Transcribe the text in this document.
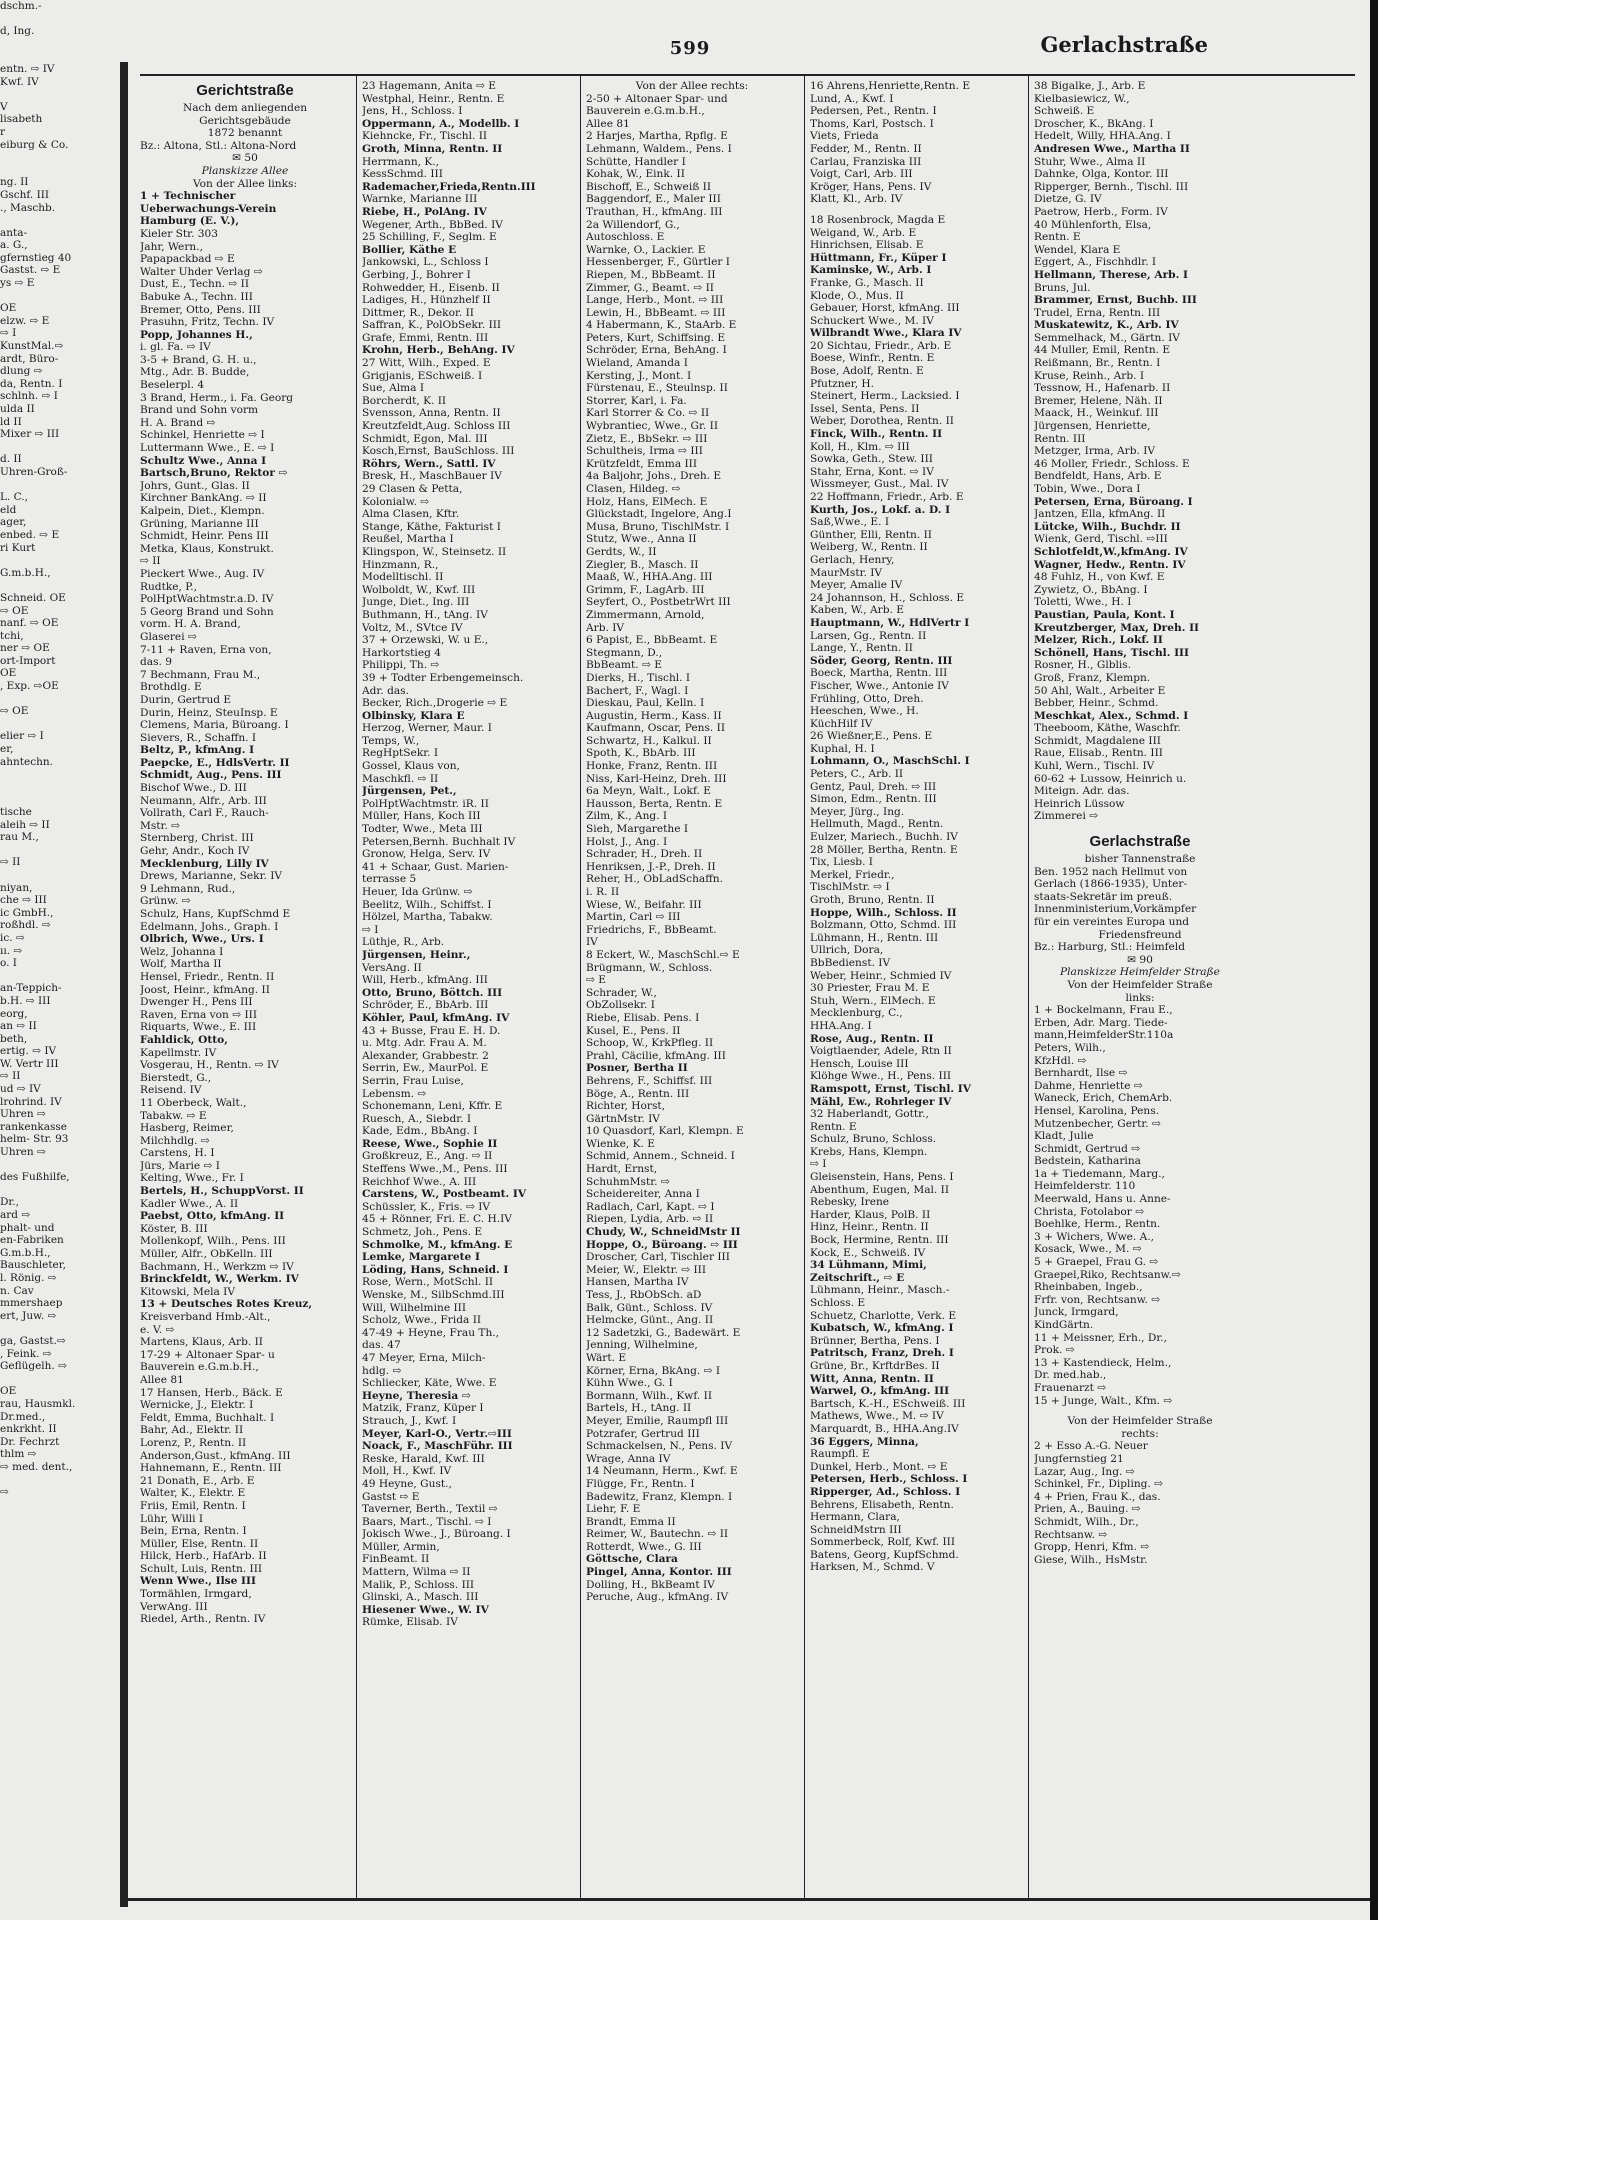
dschm.-
d, Ing.
entn. ⇨ IV
Kwf. IV
V
lisabeth
r
eiburg & Co.
ng. II
Gschf. III
., Maschb.
anta-
a. G.,
gfernstieg 40
Gastst. ⇨ E
ys ⇨ E
OE
elzw. ⇨ E
⇨ I
KunstMal.⇨
ardt, Büro-
dlung ⇨
da, Rentn. I
schlnh. ⇨ I
ulda II
ld II
Mixer ⇨ III
d. II
Uhren-Groß-
L. C.,
eld
ager,
enbed. ⇨ E
ri Kurt
G.m.b.H.,
Schneid. OE
⇨ OE
nanf. ⇨ OE
tchi,
ner ⇨ OE
ort-Import
OE
, Exp. ⇨OE
⇨ OE
elier ⇨ I
er,
ahntechn.
tische
aleih ⇨ II
rau M.,
⇨ II
niyan,
che ⇨ III
ic GmbH.,
roßhdl. ⇨
ic. ⇨
ıı. ⇨
o. I
an-Teppich-
b.H. ⇨ III
eorg,
an ⇨ II
beth,
ertig. ⇨ IV
W. Vertr III
⇨ II
ud ⇨ IV
lrohrind. IV
Uhren ⇨
rankenkasse
helm- Str. 93
Uhren ⇨
des Fußhilfe,
Dr.,
ard ⇨
phalt- und
en-Fabriken
G.m.b.H.,
Bauschleter,
l. Rönig. ⇨
n. Cav
mmershaep
ert, Juw. ⇨
ga, Gastst.⇨
, Feink. ⇨
Geflügelh. ⇨
OE
rau, Hausmkl.
Dr.med.,
enkrkht. II
Dr. Fechrzt
thlm ⇨
⇨ med. dent.,
⇨
599	Gerlachstraße
Gerichtstraße
Nach dem anliegenden
Gerichtsgebäude
1872 benannt
Bz.: Altona, Stl.: Altona-Nord
✉ 50
Planskizze Allee
Von der Allee links:
1 + Technischer
Ueberwachungs-Verein
Hamburg (E. V.),
Kieler Str. 303
Jahr, Wern.,
Papapackbad ⇨ E
Walter Uhder Verlag ⇨
Dust, E., Techn. ⇨ II
Babuke A., Techn. III
Bremer, Otto, Pens. III
Prasuhn, Fritz, Techn. IV
Popp, Johannes H.,
i. gl. Fa. ⇨ IV
3-5 + Brand, G. H. u.,
Mtg., Adr. B. Budde,
Beselerpl. 4
3 Brand, Herm., i. Fa. Georg
Brand und Sohn vorm
H. A. Brand ⇨
Schinkel, Henriette ⇨ I
Luttermann Wwe., E. ⇨ I
Schultz Wwe., Anna I
Bartsch,Bruno, Rektor ⇨
Johrs, Gunt., Glas. II
Kirchner BankAng. ⇨ II
Kalpein, Diet., Klempn.
Grüning, Marianne III
Schmidt, Heinr. Pens III
Metka, Klaus, Konstrukt.
⇨ II
Pieckert Wwe., Aug. IV
Rudtke, P.,
PolHptWachtmstr.a.D. IV
5 Georg Brand und Sohn
vorm. H. A. Brand,
Glaserei ⇨
7-11 + Raven, Erna von,
das. 9
7 Bechmann, Frau M.,
Brothdlg. E
Durin, Gertrud E
Durin, Heinz, SteuInsp. E
Clemens, Maria, Büroang. I
Sievers, R., Schaffn. I
Beltz, P., kfmAng. I
Paepcke, E., HdlsVertr. II
Schmidt, Aug., Pens. III
Bischof Wwe., D. III
Neumann, Alfr., Arb. III
Vollrath, Carl F., Rauch-
Mstr. ⇨
Sternberg, Christ. III
Gehr, Andr., Koch IV
Mecklenburg, Lilly IV
Drews, Marianne, Sekr. IV
9 Lehmann, Rud.,
Grünw. ⇨
Schulz, Hans, KupfSchmd E
Edelmann, Johs., Graph. I
Olbrich, Wwe., Urs. I
Welz, Johanna I
Wolf, Martha II
Hensel, Friedr., Rentn. II
Joost, Heinr., kfmAng. II
Dwenger H., Pens III
Raven, Erna von ⇨ III
Riquarts, Wwe., E. III
Fahldick, Otto,
Kapellmstr. IV
Vosgerau, H., Rentn. ⇨ IV
Bierstedt, G.,
Reisend. IV
11 Oberbeck, Walt.,
Tabakw. ⇨ E
Hasberg, Reimer,
Milchhdlg. ⇨
Carstens, H. I
Jürs, Marie ⇨ I
Kelting, Wwe., Fr. I
Bertels, H., SchuppVorst. II
Kadler Wwe., A. II
Paebst, Otto, kfmAng. II
Köster, B. III
Mollenkopf, Wilh., Pens. III
Müller, Alfr., ObKelln. III
Bachmann, H., Werkzm ⇨ IV
Brinckfeldt, W., Werkm. IV
Kitowski, Mela IV
13 + Deutsches Rotes Kreuz,
Kreisverband Hmb.-Alt.,
e. V. ⇨
Martens, Klaus, Arb. II
17-29 + Altonaer Spar- u
Bauverein e.G.m.b.H.,
Allee 81
17 Hansen, Herb., Bäck. E
Wernicke, J., Elektr. I
Feldt, Emma, Buchhalt. I
Bahr, Ad., Elektr. II
Lorenz, P., Rentn. II
Anderson,Gust., kfmAng. III
Hahnemann, E., Rentn. III
21 Donath, E., Arb. E
Walter, K., Elektr. E
Friis, Emil, Rentn. I
Lühr, Willi I
Bein, Erna, Rentn. I
Müller, Else, Rentn. II
Hilck, Herb., HafArb. II
Schult, Luis, Rentn. III
Wenn Wwe., Ilse III
Tormählen, Irmgard,
VerwAng. III
Riedel, Arth., Rentn. IV
23 Hagemann, Anita ⇨ E
Westphal, Heinr., Rentn. E
Jens, H., Schloss. I
Oppermann, A., Modellb. I
Kiehncke, Fr., Tischl. II
Groth, Minna, Rentn. II
Herrmann, K.,
KessSchmd. III
Rademacher,Frieda,Rentn.III
Warnke, Marianne III
Riebe, H., PolAng. IV
Wegener, Arth., BbBed. IV
25 Schilling, F., Seglm. E
Bollier, Käthe E
Jankowski, L., Schloss I
Gerbing, J., Bohrer I
Rohwedder, H., Eisenb. II
Ladiges, H., Hünzhelf II
Dittmer, R., Dekor. II
Saffran, K., PolObSekr. III
Grafe, Emmi, Rentn. III
Krohn, Herb., BehAng. IV
27 Witt, Wilh., Exped. E
Grigjanis, ESchweiß. I
Sue, Alma I
Borcherdt, K. II
Svensson, Anna, Rentn. II
Kreutzfeldt,Aug. Schloss III
Schmidt, Egon, Mal. III
Kosch,Ernst, BauSchloss. III
Röhrs, Wern., Sattl. IV
Bresk, H., MaschBauer IV
29 Clasen & Petta,
Kolonialw. ⇨
Alma Clasen, Kftr.
Stange, Käthe, Fakturist I
Reußel, Martha I
Klingspon, W., Steinsetz. II
Hinzmann, R.,
Modelltischl. II
Wolboldt, W., Kwf. III
Junge, Diet., Ing. III
Buthmann, H., tAng. IV
Voltz, M., SVtce IV
37 + Orzewski, W. u E.,
Harkortstieg 4
Philippi, Th. ⇨
39 + Todter Erbengemeinsch.
Adr. das.
Becker, Rich.,Drogerie ⇨ E
Olbinsky, Klara E
Herzog, Werner, Maur. I
Temps, W.,
RegHptSekr. I
Gossel, Klaus von,
Maschkfl. ⇨ II
Jürgensen, Pet.,
PolHptWachtmstr. iR. II
Müller, Hans, Koch III
Todter, Wwe., Meta III
Petersen,Bernh. Buchhalt IV
Gronow, Helga, Serv. IV
41 + Schaar, Gust. Marien-
terrasse 5
Heuer, Ida Grünw. ⇨
Beelitz, Wilh., Schiffst. I
Hölzel, Martha, Tabakw.
⇨ I
Lüthje, R., Arb.
Jürgensen, Heinr.,
VersAng. II
Will, Herb., kfmAng. III
Otto, Bruno, Böttch. III
Schröder, E., BbArb. III
Köhler, Paul, kfmAng. IV
43 + Busse, Frau E. H. D.
u. Mtg. Adr. Frau A. M.
Alexander, Grabbestr. 2
Serrin, Ew., MaurPol. E
Serrin, Frau Luise,
Lebensm. ⇨
Schonemann, Leni, Kffr. E
Ruesch, A., Siebdr. I
Kade, Edm., BbAng. I
Reese, Wwe., Sophie II
Großkreuz, E., Ang. ⇨ II
Steffens Wwe.,M., Pens. III
Reichhof Wwe., A. III
Carstens, W., Postbeamt. IV
Schüssler, K., Fris. ⇨ IV
45 + Rönner, Fri. E. C. H.IV
Schmetz, Joh., Pens. E
Schmolke, M., kfmAng. E
Lemke, Margarete I
Löding, Hans, Schneid. I
Rose, Wern., MotSchl. II
Wenske, M., SilbSchmd.III
Will, Wilhelmine III
Scholz, Wwe., Frida II
47-49 + Heyne, Frau Th.,
das. 47
47 Meyer, Erna, Milch-
hdlg. ⇨
Schliecker, Käte, Wwe. E
Heyne, Theresia ⇨
Matzik, Franz, Küper I
Strauch, J., Kwf. I
Meyer, Karl-O., Vertr.⇨III
Noack, F., MaschFühr. III
Reske, Harald, Kwf. III
Moll, H., Kwf. IV
49 Heyne, Gust.,
Gastst ⇨ E
Taverner, Berth., Textil ⇨
Baars, Mart., Tischl. ⇨ I
Jokisch Wwe., J., Büroang. I
Müller, Armin,
FinBeamt. II
Mattern, Wilma ⇨ II
Malik, P., Schloss. III
Glinski, A., Masch. III
Hiesener Wwe., W. IV
Rümke, Elisab. IV
Von der Allee rechts:
2-50 + Altonaer Spar- und
Bauverein e.G.m.b.H.,
Allee 81
2 Harjes, Martha, Rpflg. E
Lehmann, Waldem., Pens. I
Schütte, Handler I
Kohak, W., Eink. II
Bischoff, E., Schweiß II
Baggendorf, E., Maler III
Trauthan, H., kfmAng. III
2a Willendorf, G.,
Autoschloss. E
Warnke, O., Lackier. E
Hessenberger, F., Gürtler I
Riepen, M., BbBeamt. II
Zimmer, G., Beamt. ⇨ II
Lange, Herb., Mont. ⇨ III
Lewin, H., BbBeamt. ⇨ III
4 Habermann, K., StaArb. E
Peters, Kurt, Schiffsing. E
Schröder, Erna, BehAng. I
Wieland, Amanda I
Kersting, J., Mont. I
Fürstenau, E., Steulnsp. II
Storrer, Karl, i. Fa.
Karl Storrer & Co. ⇨ II
Wybrantiec, Wwe., Gr. II
Zietz, E., BbSekr. ⇨ III
Schultheis, Irma ⇨ III
Krützfeldt, Emma III
4a Baljohr, Johs., Dreh. E
Clasen, Hildeg. ⇨
Holz, Hans, ElMech. E
Glückstadt, Ingelore, Ang.I
Musa, Bruno, TischlMstr. I
Stutz, Wwe., Anna II
Gerdts, W., II
Ziegler, B., Masch. II
Maaß, W., HHA.Ang. III
Grimm, F., LagArb. III
Seyfert, O., PostbetrWrt III
Zimmermann, Arnold,
Arb. IV
6 Papist, E., BbBeamt. E
Stegmann, D.,
BbBeamt. ⇨ E
Dierks, H., Tischl. I
Bachert, F., Wagl. I
Dieskau, Paul, Kelln. I
Augustin, Herm., Kass. II
Kaufmann, Oscar, Pens. II
Schwartz, H., Kalkul. II
Spoth, K., BbArb. III
Honke, Franz, Rentn. III
Niss, Karl-Heinz, Dreh. III
6a Meyn, Walt., Lokf. E
Hausson, Berta, Rentn. E
Zilm, K., Ang. I
Sieh, Margarethe I
Holst, J., Ang. I
Schrader, H., Dreh. II
Henriksen, J.-P., Dreh. II
Reher, H., ObLadSchaffn.
i. R. II
Wiese, W., Beifahr. III
Martin, Carl ⇨ III
Friedrichs, F., BbBeamt.
IV
8 Eckert, W., MaschSchl.⇨ E
Brügmann, W., Schloss.
⇨ E
Schrader, W.,
ObZollsekr. I
Riebe, Elisab. Pens. I
Kusel, E., Pens. II
Schoop, W., KrkPfleg. II
Prahl, Cäcilie, kfmAng. III
Posner, Bertha II
Behrens, F., Schiffsf. III
Böge, A., Rentn. III
Richter, Horst,
GärtnMstr. IV
10 Quasdorf, Karl, Klempn. E
Wienke, K. E
Schmid, Annem., Schneid. I
Hardt, Ernst,
SchuhmMstr. ⇨
Scheidereiter, Anna I
Radlach, Carl, Kapt. ⇨ I
Riepen, Lydia, Arb. ⇨ II
Chudy, W., SchneidMstr II
Hoppe, O., Büroang. ⇨ III
Droscher, Carl, Tischler III
Meier, W., Elektr. ⇨ III
Hansen, Martha IV
Tess, J., RbObSch. aD
Balk, Günt., Schloss. IV
Helmcke, Günt., Ang. II
12 Sadetzki, G., Badewärt. E
Jenning, Wilhelmine,
Wärt. E
Körner, Erna, BkAng. ⇨ I
Kühn Wwe., G. I
Bormann, Wilh., Kwf. II
Bartels, H., tAng. II
Meyer, Emilie, Raumpfl III
Potzrafer, Gertrud III
Schmackelsen, N., Pens. IV
Wrage, Anna IV
14 Neumann, Herm., Kwf. E
Flügge, Fr., Rentn. I
Badewitz, Franz, Klempn. I
Liehr, F. E
Brandt, Emma II
Reimer, W., Bautechn. ⇨ II
Rotterdt, Wwe., G. III
Göttsche, Clara
Pingel, Anna, Kontor. III
Dolling, H., BkBeamt IV
Peruche, Aug., kfmAng. IV
16 Ahrens,Henriette,Rentn. E
Lund, A., Kwf. I
Pedersen, Pet., Rentn. I
Thoms, Karl, Postsch. I
Viets, Frieda
Fedder, M., Rentn. II
Carlau, Franziska III
Voigt, Carl, Arb. III
Kröger, Hans, Pens. IV
Klatt, Kl., Arb. IV
18 Rosenbrock, Magda E
Weigand, W., Arb. E
Hinrichsen, Elisab. E
Hüttmann, Fr., Küper I
Kaminske, W., Arb. I
Franke, G., Masch. II
Klode, O., Mus. II
Gebauer, Horst, kfmAng. III
Schuckert Wwe., M. IV
Wilbrandt Wwe., Klara IV
20 Sichtau, Friedr., Arb. E
Boese, Winfr., Rentn. E
Bose, Adolf, Rentn. E
Pfutzner, H.
Steinert, Herm., Lacksied. I
Issel, Senta, Pens. II
Weber, Dorothea, Rentn. II
Finck, Wilh., Rentn. II
Koll, H., Klm. ⇨ III
Sowka, Geth., Stew. III
Stahr, Erna, Kont. ⇨ IV
Wissmeyer, Gust., Mal. IV
22 Hoffmann, Friedr., Arb. E
Kurth, Jos., Lokf. a. D. I
Saß,Wwe., E. I
Günther, Elli, Rentn. II
Weiberg, W., Rentn. II
Gerlach, Henry,
MaurMstr. IV
Meyer, Amalie IV
24 Johannson, H., Schloss. E
Kaben, W., Arb. E
Hauptmann, W., HdlVertr I
Larsen, Gg., Rentn. II
Lange, Y., Rentn. II
Söder, Georg, Rentn. III
Boeck, Martha, Rentn. III
Fischer, Wwe., Antonie IV
Frühling, Otto, Dreh.
Heeschen, Wwe., H.
KüchHilf IV
26 Wießner,E., Pens. E
Kuphal, H. I
Lohmann, O., MaschSchl. I
Peters, C., Arb. II
Gentz, Paul, Dreh. ⇨ III
Simon, Edm., Rentn. III
Meyer, Jürg., Ing.
Hellmuth, Magd., Rentn.
Eulzer, Mariech., Buchh. IV
28 Möller, Bertha, Rentn. E
Tix, Liesb. I
Merkel, Friedr.,
TischlMstr. ⇨ I
Groth, Bruno, Rentn. II
Hoppe, Wilh., Schloss. II
Bolzmann, Otto, Schmd. III
Lühmann, H., Rentn. III
Ullrich, Dora,
BbBedienst. IV
Weber, Heinr., Schmied IV
30 Priester, Frau M. E
Stuh, Wern., ElMech. E
Mecklenburg, C.,
HHA.Ang. I
Rose, Aug., Rentn. II
Voigtlaender, Adele, Rtn II
Hensch, Louise III
Klöhge Wwe., H., Pens. III
Ramspott, Ernst, Tischl. IV
Mähl, Ew., Rohrleger IV
32 Haberlandt, Gottr.,
Rentn. E
Schulz, Bruno, Schloss.
Krebs, Hans, Klempn.
⇨ I
Gleisenstein, Hans, Pens. I
Abenthum, Eugen, Mal. II
Rebesky, Irene
Harder, Klaus, PolB. II
Hinz, Heinr., Rentn. II
Bock, Hermine, Rentn. III
Kock, E., Schweiß. IV
34 Lühmann, Mimi,
Zeitschrift., ⇨ E
Lühmann, Heinr., Masch.-
Schloss. E
Schuetz, Charlotte, Verk. E
Kubatsch, W., kfmAng. I
Brünner, Bertha, Pens. I
Patritsch, Franz, Dreh. I
Grüne, Br., KrftdrBes. II
Witt, Anna, Rentn. II
Warwel, O., kfmAng. III
Bartsch, K.-H., ESchweiß. III
Mathews, Wwe., M. ⇨ IV
Marquardt, B., HHA.Ang.IV
36 Eggers, Minna,
Raumpfl. E
Dunkel, Herb., Mont. ⇨ E
Petersen, Herb., Schloss. I
Ripperger, Ad., Schloss. I
Behrens, Elisabeth, Rentn.
Hermann, Clara,
SchneidMstrn III
Sommerbeck, Rolf, Kwf. III
Batens, Georg, KupfSchmd.
Harksen, M., Schmd. V
38 Bigalke, J., Arb. E
Kielbasiewicz, W.,
Schweiß. E
Droscher, K., BkAng. I
Hedelt, Willy, HHA.Ang. I
Andresen Wwe., Martha II
Stuhr, Wwe., Alma II
Dahnke, Olga, Kontor. III
Ripperger, Bernh., Tischl. III
Dietze, G. IV
Paetrow, Herb., Form. IV
40 Mühlenforth, Elsa,
Rentn. E
Wendel, Klara E
Eggert, A., Fischhdlr. I
Hellmann, Therese, Arb. I
Bruns, Jul.
Brammer, Ernst, Buchb. III
Trudel, Erna, Rentn. III
Muskatewitz, K., Arb. IV
Semmelhack, M., Gärtn. IV
44 Muller, Emil, Rentn. E
Reißmann, Br., Rentn. I
Kruse, Reinh., Arb. I
Tessnow, H., Hafenarb. II
Bremer, Helene, Näh. II
Maack, H., Weinkuf. III
Jürgensen, Henriette,
Rentn. III
Metzger, Irma, Arb. IV
46 Moller, Friedr., Schloss. E
Bendfeldt, Hans, Arb. E
Tobin, Wwe., Dora I
Petersen, Erna, Büroang. I
Jantzen, Ella, kfmAng. II
Lütcke, Wilh., Buchdr. II
Wienk, Gerd, Tischl. ⇨III
Schlotfeldt,W.,kfmAng. IV
Wagner, Hedw., Rentn. IV
48 Fuhlz, H., von Kwf. E
Zywietz, O., BbAng. I
Toletti, Wwe., H. I
Paustian, Paula, Kont. I
Kreutzberger, Max, Dreh. II
Melzer, Rich., Lokf. II
Schönell, Hans, Tischl. III
Rosner, H., Glblis.
Groß, Franz, Klempn.
50 Ahl, Walt., Arbeiter E
Bebber, Heinr., Schmd.
Meschkat, Alex., Schmd. I
Theeboom, Käthe, Waschfr.
Schmidt, Magdalene III
Raue, Elisab., Rentn. III
Kuhl, Wern., Tischl. IV
60-62 + Lussow, Heinrich u.
Miteign. Adr. das.
Heinrich Lüssow
Zimmerei ⇨
Gerlachstraße
bisher Tannenstraße
Ben. 1952 nach Hellmut von
Gerlach (1866-1935), Unter-
staats-Sekretär im preuß.
Innenministerium,Vorkämpfer
für ein vereintes Europa und
Friedensfreund
Bz.: Harburg, Stl.: Heimfeld
✉ 90
Planskizze Heimfelder Straße
Von der Heimfelder Straße
links:
1 + Bockelmann, Frau E.,
Erben, Adr. Marg. Tiede-
mann,HeimfelderStr.110a
Peters, Wilh.,
KfzHdl. ⇨
Bernhardt, Ilse ⇨
Dahme, Henriette ⇨
Waneck, Erich, ChemArb.
Hensel, Karolina, Pens.
Mutzenbecher, Gertr. ⇨
Kladt, Julie
Schmidt, Gertrud ⇨
Bedstein, Katharina
1a + Tiedemann, Marg.,
Heimfelderstr. 110
Meerwald, Hans u. Anne-
Christa, Fotolabor ⇨
Boehlke, Herm., Rentn.
3 + Wichers, Wwe. A.,
Kosack, Wwe., M. ⇨
5 + Graepel, Frau G. ⇨
Graepel,Riko, Rechtsanw.⇨
Rheinbaben, Ingeb.,
Frfr. von, Rechtsanw. ⇨
Junck, Irmgard,
KindGärtn.
11 + Meissner, Erh., Dr.,
Prok. ⇨
13 + Kastendieck, Helm.,
Dr. med.hab.,
Frauenarzt ⇨
15 + Junge, Walt., Kfm. ⇨
Von der Heimfelder Straße
rechts:
2 + Esso A.-G. Neuer
Jungfernstieg 21
Lazar, Aug., Ing. ⇨
Schinkel, Fr., Dipling. ⇨
4 + Prien, Frau K., das.
Prien, A., Bauing. ⇨
Schmidt, Wilh., Dr.,
Rechtsanw. ⇨
Gropp, Henri, Kfm. ⇨
Giese, Wilh., HsMstr.
